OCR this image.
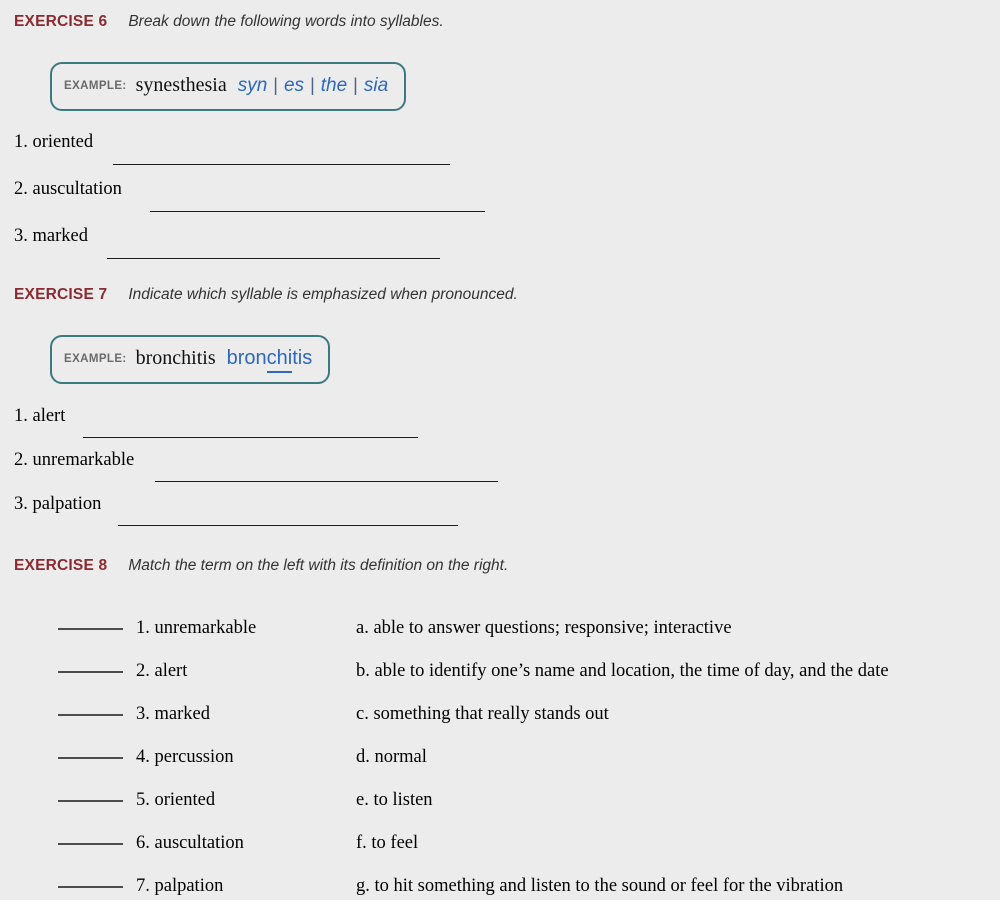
EXERCISE 6 Break down the following words into syllables.
EXAMPLE: synesthesia syn | es | the | sia
1. oriented
2. auscultation
3. marked
EXERCISE 7 Indicate which syllable is emphasized when pronounced.
EXAMPLE: bronchitis bronchitis
1. alert
2. unremarkable
3. palpation
EXERCISE 8 Match the term on the left with its definition on the right.
1. unremarkable	a. able to answer questions; responsive; interactive
2. alert	b. able to identify one’s name and location, the time of day, and the date
3. marked	c. something that really stands out
4. percussion	d. normal
5. oriented	e. to listen
6. auscultation	f. to feel
7. palpation	g. to hit something and listen to the sound or feel for the vibration
